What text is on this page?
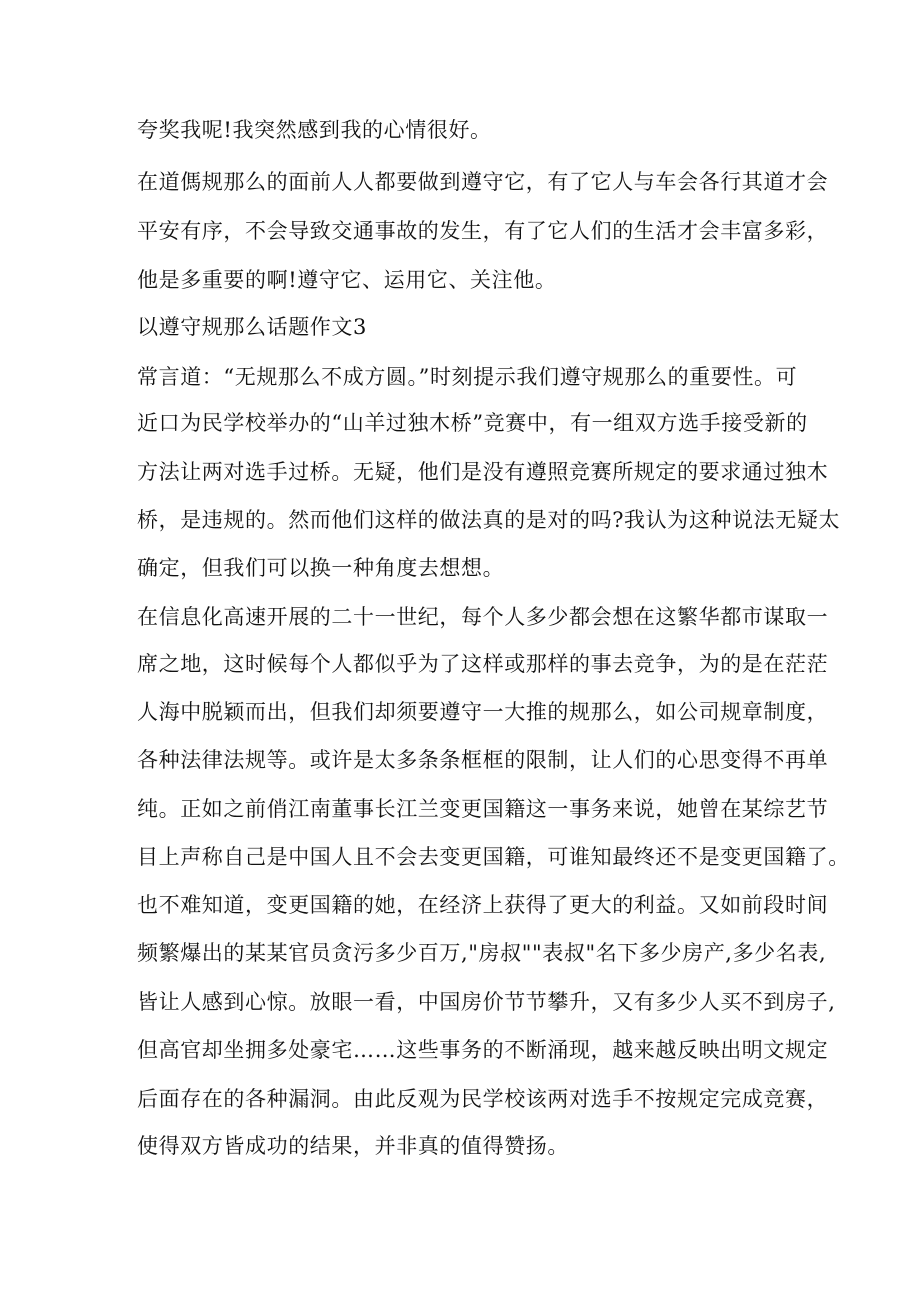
夸奖我呢!我突然感到我的心情很好。
在道傌规那么的面前人人都要做到遵守它，有了它人与车会各行其道才会
平安有序，不会导致交通事故的发生，有了它人们的生活才会丰富多彩，
他是多重要的啊!遵守它、运用它、关注他。
以遵守规那么话题作文3
常言道：“无规那么不成方圆。”时刻提示我们遵守规那么的重要性。可
近口为民学校举办的“山羊过独木桥”竞赛中，有一组双方选手接受新的
方法让两对选手过桥。无疑，他们是没有遵照竞赛所规定的要求通过独木
桥，是违规的。然而他们这样的做法真的是对的吗?我认为这种说法无疑太
确定，但我们可以换一种角度去想想。
在信息化高速开展的二十一世纪，每个人多少都会想在这繁华都市谋取一
席之地，这时候每个人都似乎为了这样或那样的事去竞争，为的是在茫茫
人海中脱颖而出，但我们却须要遵守一大推的规那么，如公司规章制度，
各种法律法规等。或许是太多条条框框的限制，让人们的心思变得不再单
纯。正如之前俏江南董事长江兰变更国籍这一事务来说，她曾在某综艺节
目上声称自己是中国人且不会去变更国籍，可谁知最终还不是变更国籍了。
也不难知道，变更国籍的她，在经济上获得了更大的利益。又如前段时间
频繁爆出的某某官员贪污多少百万,"房叔""表叔"名下多少房产,多少名表,
皆让人感到心惊。放眼一看，中国房价节节攀升，又有多少人买不到房子,
但高官却坐拥多处豪宅……这些事务的不断涌现，越来越反映出明文规定
后面存在的各种漏洞。由此反观为民学校该两对选手不按规定完成竞赛，
使得双方皆成功的结果，并非真的值得赞扬。
